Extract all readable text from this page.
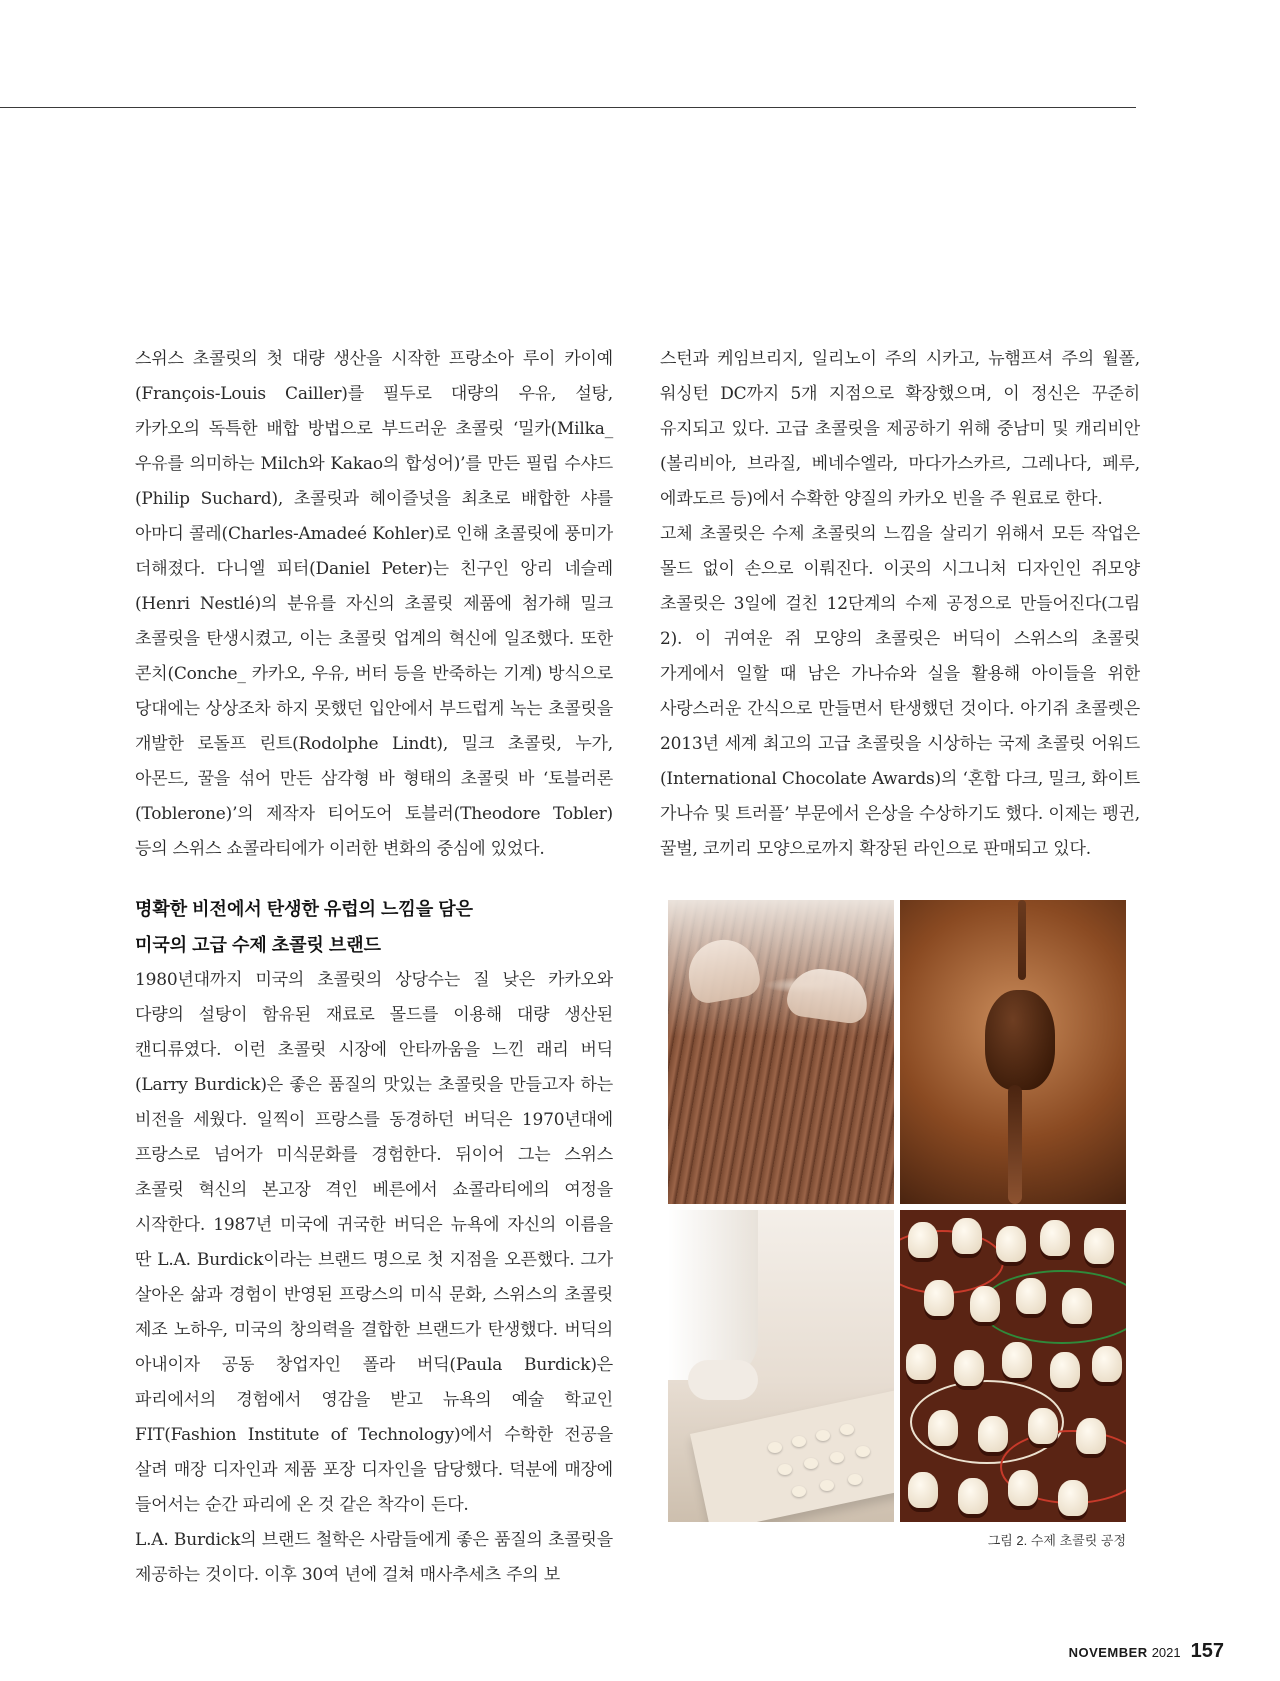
스위스 초콜릿의 첫 대량 생산을 시작한 프랑소아 루이 카이예(François-Louis Cailler)를 필두로 대량의 우유, 설탕, 카카오의 독특한 배합 방법으로 부드러운 초콜릿 ‘밀카(Milka_우유를 의미하는 Milch와 Kakao의 합성어)’를 만든 필립 수샤드(Philip Suchard), 초콜릿과 헤이즐넛을 최초로 배합한 샤를 아마디 콜레(Charles-Amadeé Kohler)로 인해 초콜릿에 풍미가 더해졌다. 다니엘 피터(Daniel Peter)는 친구인 앙리 네슬레(Henri Nestlé)의 분유를 자신의 초콜릿 제품에 첨가해 밀크 초콜릿을 탄생시켰고, 이는 초콜릿 업계의 혁신에 일조했다. 또한 콘치(Conche_ 카카오, 우유, 버터 등을 반죽하는 기계) 방식으로 당대에는 상상조차 하지 못했던 입안에서 부드럽게 녹는 초콜릿을 개발한 로돌프 린트(Rodolphe Lindt), 밀크 초콜릿, 누가, 아몬드, 꿀을 섞어 만든 삼각형 바 형태의 초콜릿 바 ‘토블러론(Toblerone)’의 제작자 티어도어 토블러(Theodore Tobler) 등의 스위스 쇼콜라티에가 이러한 변화의 중심에 있었다.

명확한 비전에서 탄생한 유럽의 느낌을 담은

미국의 고급 수제 초콜릿 브랜드

1980년대까지 미국의 초콜릿의 상당수는 질 낮은 카카오와 다량의 설탕이 함유된 재료로 몰드를 이용해 대량 생산된 캔디류였다. 이런 초콜릿 시장에 안타까움을 느낀 래리 버딕(Larry Burdick)은 좋은 품질의 맛있는 초콜릿을 만들고자 하는 비전을 세웠다. 일찍이 프랑스를 동경하던 버딕은 1970년대에 프랑스로 넘어가 미식문화를 경험한다. 뒤이어 그는 스위스 초콜릿 혁신의 본고장 격인 베른에서 쇼콜라티에의 여정을 시작한다. 1987년 미국에 귀국한 버딕은 뉴욕에 자신의 이름을 딴 L.A. Burdick이라는 브랜드 명으로 첫 지점을 오픈했다. 그가 살아온 삶과 경험이 반영된 프랑스의 미식 문화, 스위스의 초콜릿 제조 노하우, 미국의 창의력을 결합한 브랜드가 탄생했다. 버딕의 아내이자 공동 창업자인 폴라 버딕(Paula Burdick)은 파리에서의 경험에서 영감을 받고 뉴욕의 예술 학교인 FIT(Fashion Institute of Technology)에서 수학한 전공을 살려 매장 디자인과 제품 포장 디자인을 담당했다. 덕분에 매장에 들어서는 순간 파리에 온 것 같은 착각이 든다.

L.A. Burdick의 브랜드 철학은 사람들에게 좋은 품질의 초콜릿을 제공하는 것이다. 이후 30여 년에 걸쳐 매사추세츠 주의 보

스턴과 케임브리지, 일리노이 주의 시카고, 뉴햄프셔 주의 월폴, 워싱턴 DC까지 5개 지점으로 확장했으며, 이 정신은 꾸준히 유지되고 있다. 고급 초콜릿을 제공하기 위해 중남미 및 캐리비안(볼리비아, 브라질, 베네수엘라, 마다가스카르, 그레나다, 페루, 에콰도르 등)에서 수확한 양질의 카카오 빈을 주 원료로 한다.

고체 초콜릿은 수제 초콜릿의 느낌을 살리기 위해서 모든 작업은 몰드 없이 손으로 이뤄진다. 이곳의 시그니처 디자인인 쥐모양 초콜릿은 3일에 걸친 12단계의 수제 공정으로 만들어진다(그림 2). 이 귀여운 쥐 모양의 초콜릿은 버딕이 스위스의 초콜릿 가게에서 일할 때 남은 가나슈와 실을 활용해 아이들을 위한 사랑스러운 간식으로 만들면서 탄생했던 것이다. 아기쥐 초콜렛은 2013년 세계 최고의 고급 초콜릿을 시상하는 국제 초콜릿 어워드(International Chocolate Awards)의 ‘혼합 다크, 밀크, 화이트 가나슈 및 트러플’ 부문에서 은상을 수상하기도 했다. 이제는 펭귄, 꿀벌, 코끼리 모양으로까지 확장된 라인으로 판매되고 있다.

그림 2. 수제 초콜릿 공정
NOVEMBER 2021 157
